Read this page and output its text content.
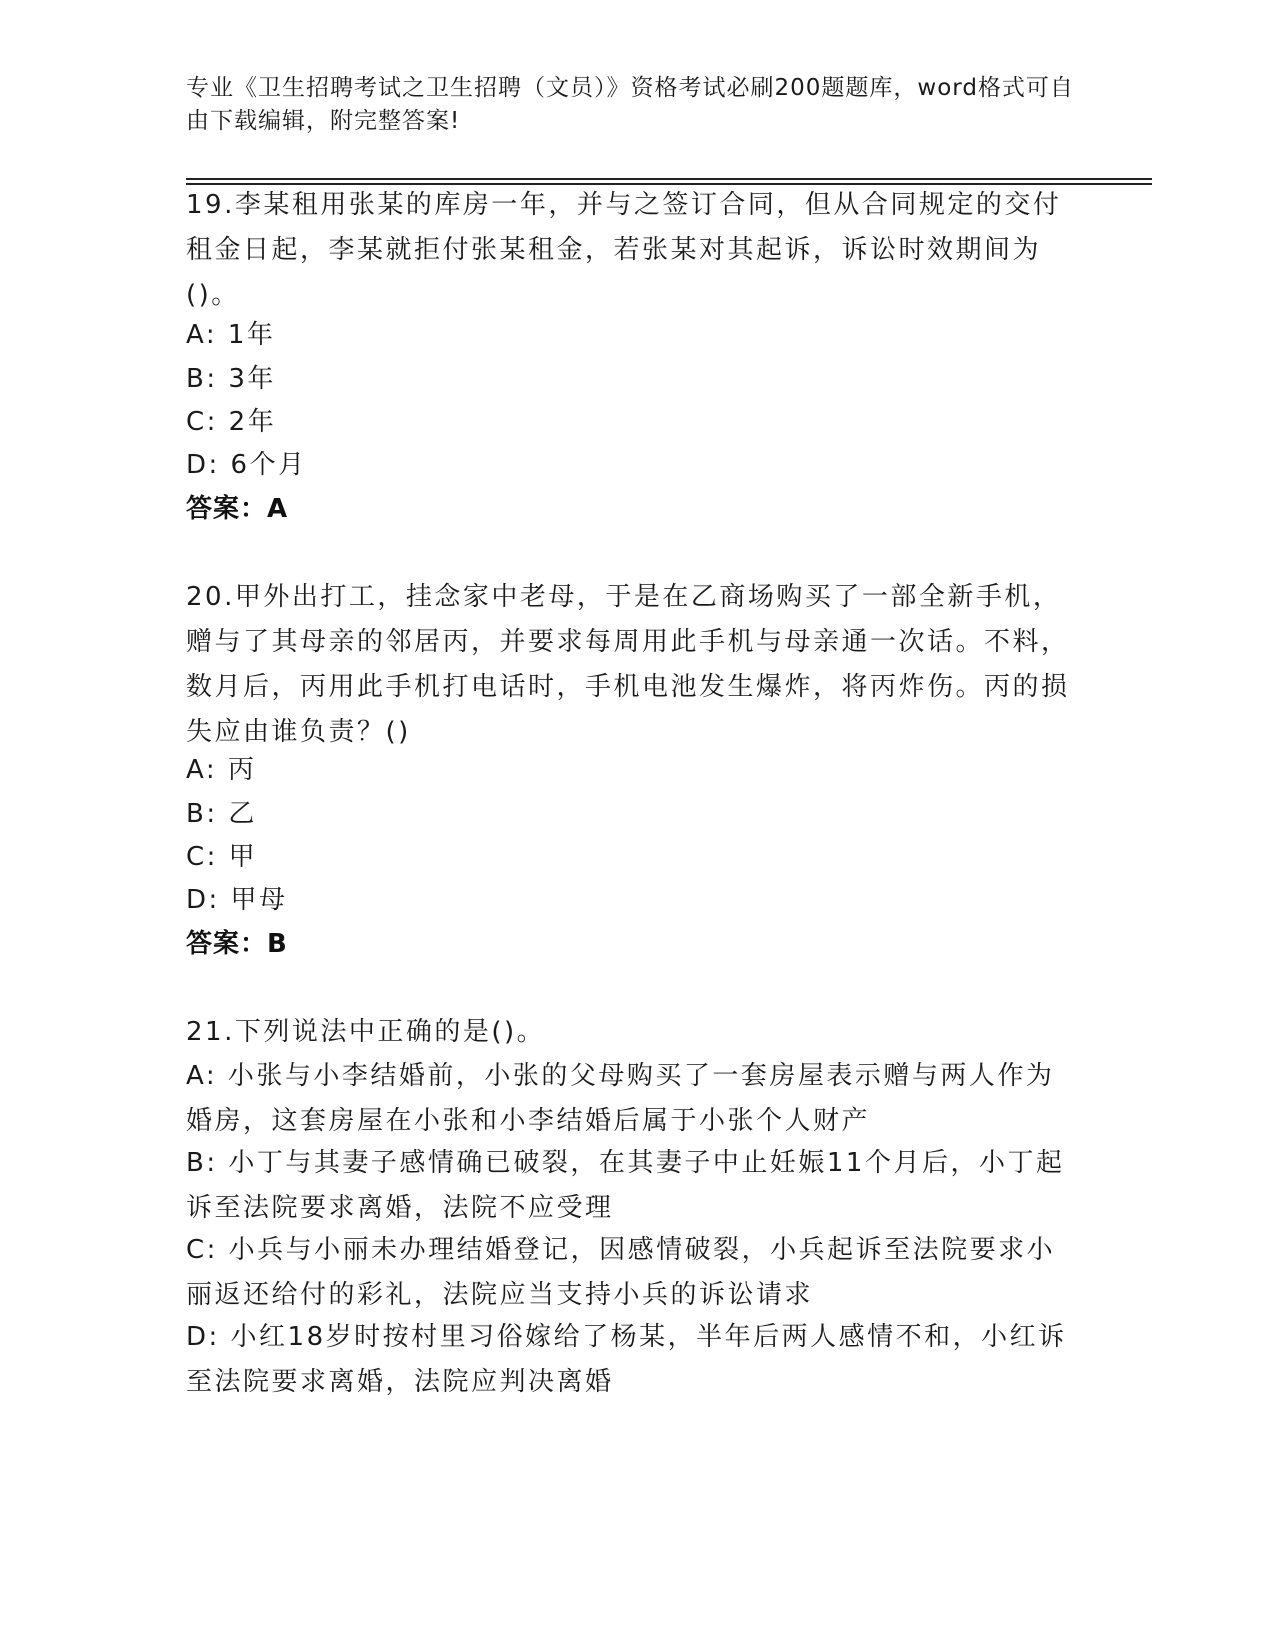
专业《卫生招聘考试之卫生招聘（文员）》资格考试必刷200题题库，word格式可自由下载编辑，附完整答案!
19.李某租用张某的库房一年，并与之签订合同，但从合同规定的交付租金日起，李某就拒付张某租金，若张某对其起诉，诉讼时效期间为()。
A: 1年
B: 3年
C: 2年
D: 6个月
答案：A
20.甲外出打工，挂念家中老母，于是在乙商场购买了一部全新手机，赠与了其母亲的邻居丙，并要求每周用此手机与母亲通一次话。不料，数月后，丙用此手机打电话时，手机电池发生爆炸，将丙炸伤。丙的损失应由谁负责？()
A: 丙
B: 乙
C: 甲
D: 甲母
答案：B
21.下列说法中正确的是()。
A: 小张与小李结婚前，小张的父母购买了一套房屋表示赠与两人作为婚房，这套房屋在小张和小李结婚后属于小张个人财产
B: 小丁与其妻子感情确已破裂，在其妻子中止妊娠11个月后，小丁起诉至法院要求离婚，法院不应受理
C: 小兵与小丽未办理结婚登记，因感情破裂，小兵起诉至法院要求小丽返还给付的彩礼，法院应当支持小兵的诉讼请求
D: 小红18岁时按村里习俗嫁给了杨某，半年后两人感情不和，小红诉至法院要求离婚，法院应判决离婚
